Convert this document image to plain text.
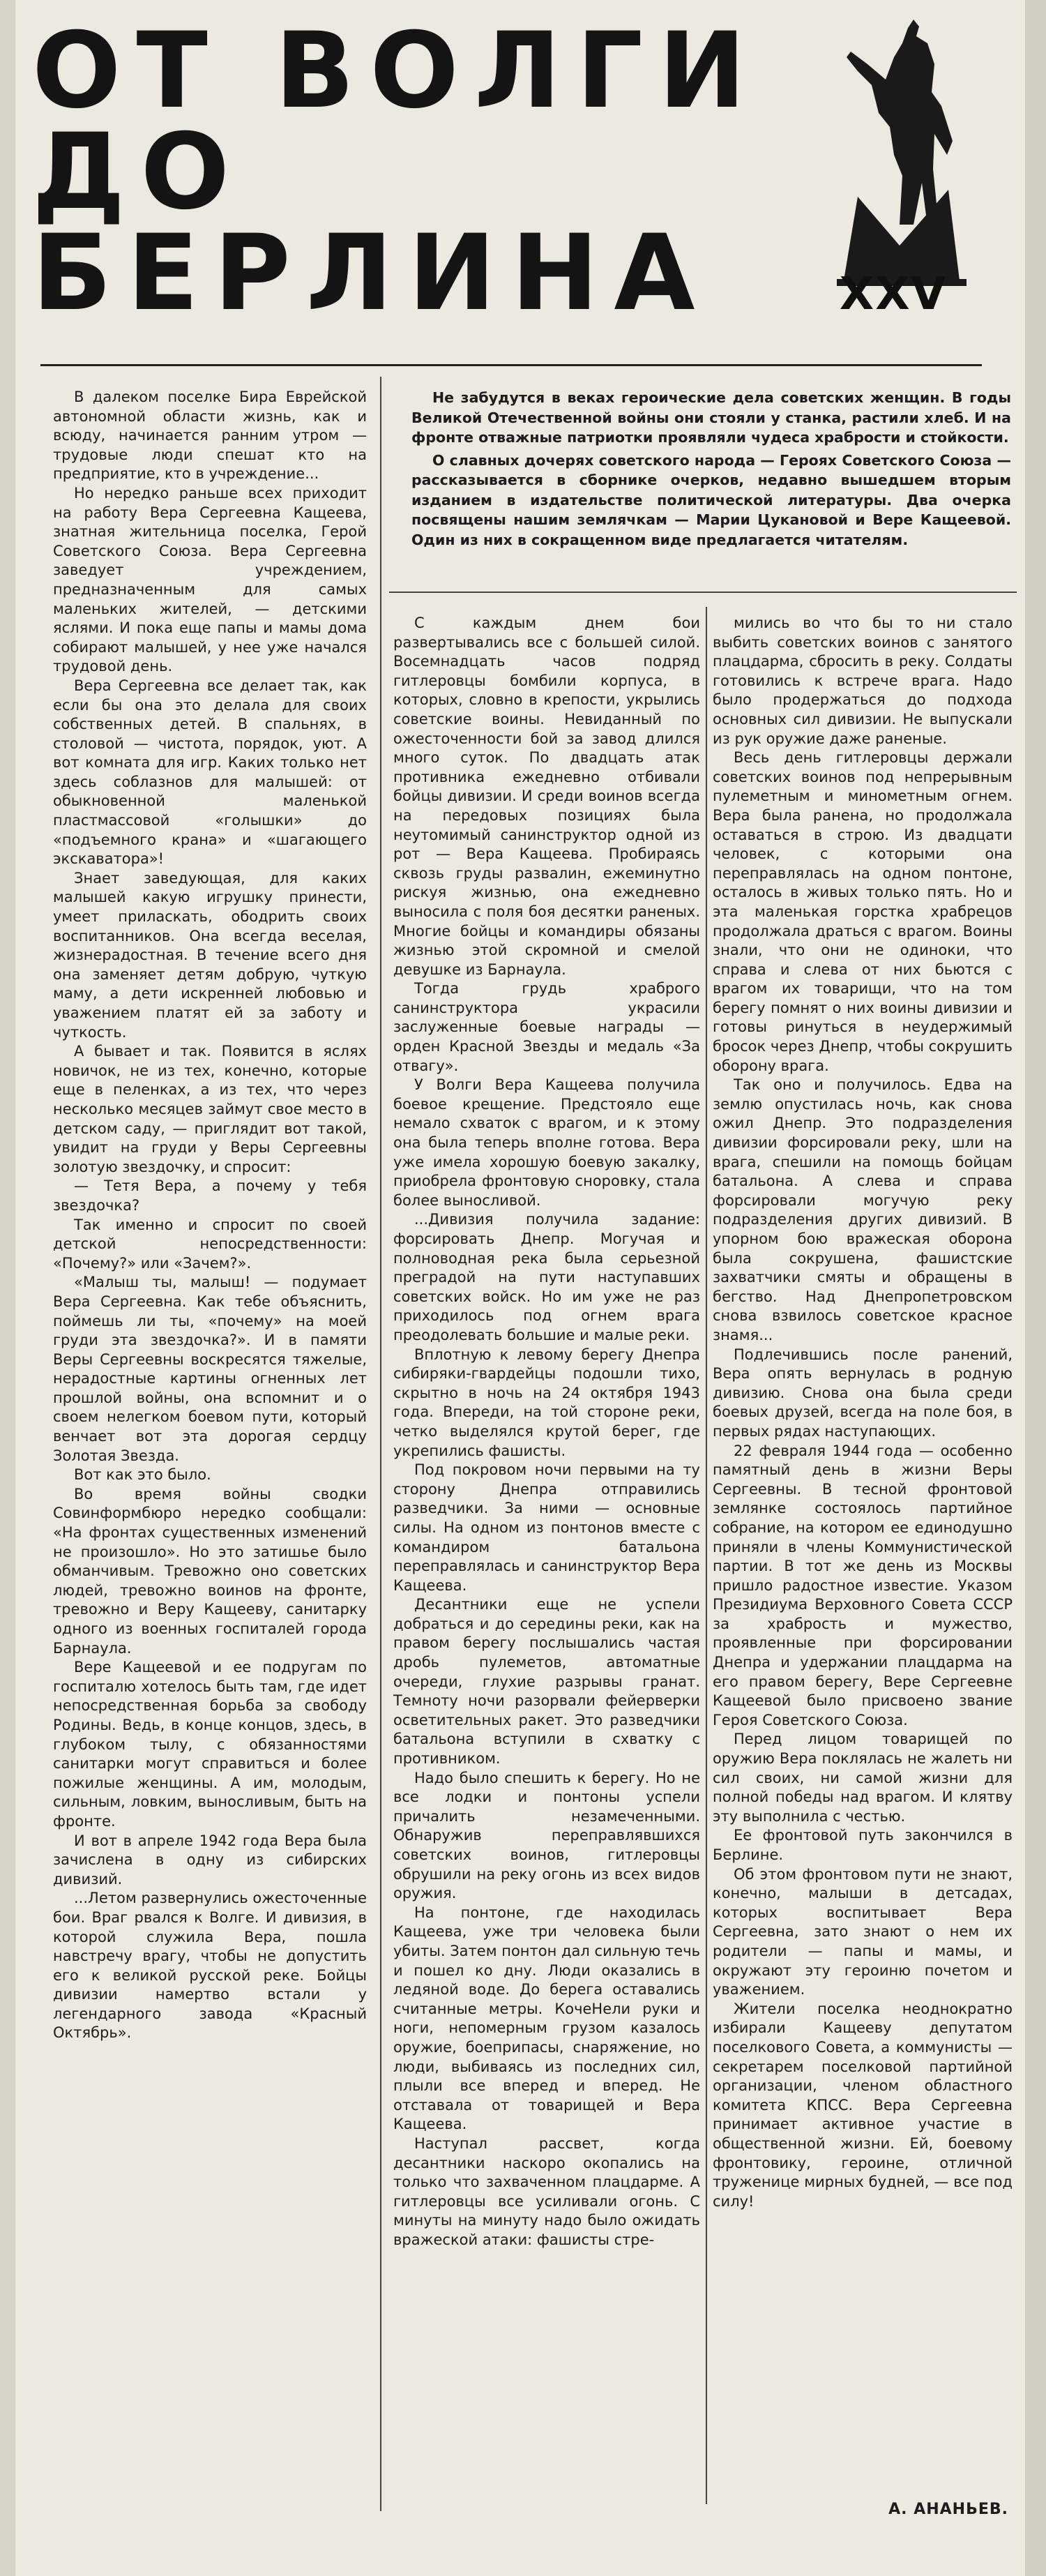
ОТ ВОЛГИ
ДО
БЕРЛИНА	XXV

Не забудутся в веках героические дела советских женщин. В годы Великой Отечественной войны они стояли у станка, растили хлеб. И на фронте отважные патриотки проявляли чудеса храбрости и стойкости.

О славных дочерях советского народа — Героях Советского Союза — рассказывается в сборнике очерков, недавно вышедшем вторым изданием в издательстве политической литературы. Два очерка посвящены нашим землячкам — Марии Цукановой и Вере Кащеевой. Один из них в сокращенном виде предлагается читателям.

В далеком поселке Бира Еврейской автономной области жизнь, как и всюду, начинается ранним утром — трудовые люди спешат кто на предприятие, кто в учреждение...

Но нередко раньше всех приходит на работу Вера Сергеевна Кащеева, знатная жительница поселка, Герой Советского Союза. Вера Сергеевна заведует учреждением, предназначенным для самых маленьких жителей, — детскими яслями. И пока еще папы и мамы дома собирают малышей, у нее уже начался трудовой день.

Вера Сергеевна все делает так, как если бы она это делала для своих собственных детей. В спальнях, в столовой — чистота, порядок, уют. А вот комната для игр. Каких только нет здесь соблазнов для малышей: от обыкновенной маленькой пластмассовой «голышки» до «подъемного крана» и «шагающего экскаватора»!

Знает заведующая, для каких малышей какую игрушку принести, умеет приласкать, ободрить своих воспитанников. Она всегда веселая, жизнерадостная. В течение всего дня она заменяет детям добрую, чуткую маму, а дети искренней любовью и уважением платят ей за заботу и чуткость.

А бывает и так. Появится в яслях новичок, не из тех, конечно, которые еще в пеленках, а из тех, что через несколько месяцев займут свое место в детском саду, — приглядит вот такой, увидит на груди у Веры Сергеевны золотую звездочку, и спросит:

— Тетя Вера, а почему у тебя звездочка?

Так именно и спросит по своей детской непосредственности: «Почему?» или «Зачем?».

«Малыш ты, малыш! — подумает Вера Сергеевна. Как тебе объяснить, поймешь ли ты, «почему» на моей груди эта звездочка?». И в памяти Веры Сергеевны воскресятся тяжелые, нерадостные картины огненных лет прошлой войны, она вспомнит и о своем нелегком боевом пути, который венчает вот эта дорогая сердцу Золотая Звезда.

Вот как это было.

Во время войны сводки Совинформбюро нередко сообщали: «На фронтах существенных изменений не произошло». Но это затишье было обманчивым. Тревожно оно советских людей, тревожно воинов на фронте, тревожно и Веру Кащееву, санитарку одного из военных госпиталей города Барнаула.

Вере Кащеевой и ее подругам по госпиталю хотелось быть там, где идет непосредственная борьба за свободу Родины. Ведь, в конце концов, здесь, в глубоком тылу, с обязанностями санитарки могут справиться и более пожилые женщины. А им, молодым, сильным, ловким, выносливым, быть на фронте.

И вот в апреле 1942 года Вера была зачислена в одну из сибирских дивизий.

...Летом развернулись ожесточенные бои. Враг рвался к Волге. И дивизия, в которой служила Вера, пошла навстречу врагу, чтобы не допустить его к великой русской реке. Бойцы дивизии намертво встали у легендарного завода «Красный Октябрь».

С каждым днем бои развертывались все с большей силой. Восемнадцать часов подряд гитлеровцы бомбили корпуса, в которых, словно в крепости, укрылись советские воины. Невиданный по ожесточенности бой за завод длился много суток. По двадцать атак противника ежедневно отбивали бойцы дивизии. И среди воинов всегда на передовых позициях была неутомимый санинструктор одной из рот — Вера Кащеева. Пробираясь сквозь груды развалин, ежеминутно рискуя жизнью, она ежедневно выносила с поля боя десятки раненых. Многие бойцы и командиры обязаны жизнью этой скромной и смелой девушке из Барнаула.

Тогда грудь храброго санинструктора украсили заслуженные боевые награды — орден Красной Звезды и медаль «За отвагу».

У Волги Вера Кащеева получила боевое крещение. Предстояло еще немало схваток с врагом, и к этому она была теперь вполне готова. Вера уже имела хорошую боевую закалку, приобрела фронтовую сноровку, стала более выносливой.

...Дивизия получила задание: форсировать Днепр. Могучая и полноводная река была серьезной преградой на пути наступавших советских войск. Но им уже не раз приходилось под огнем врага преодолевать большие и малые реки.

Вплотную к левому берегу Днепра сибиряки-гвардейцы подошли тихо, скрытно в ночь на 24 октября 1943 года. Впереди, на той стороне реки, четко выделялся крутой берег, где укрепились фашисты.

Под покровом ночи первыми на ту сторону Днепра отправились разведчики. За ними — основные силы. На одном из понтонов вместе с командиром батальона переправлялась и санинструктор Вера Кащеева.

Десантники еще не успели добраться и до середины реки, как на правом берегу послышались частая дробь пулеметов, автоматные очереди, глухие разрывы гранат. Темноту ночи разорвали фейерверки осветительных ракет. Это разведчики батальона вступили в схватку с противником.

Надо было спешить к берегу. Но не все лодки и понтоны успели причалить незамеченными. Обнаружив переправлявшихся советских воинов, гитлеровцы обрушили на реку огонь из всех видов оружия.

На понтоне, где находилась Кащеева, уже три человека были убиты. Затем понтон дал сильную течь и пошел ко дну. Люди оказались в ледяной воде. До берега оставались считанные метры. КочеНели руки и ноги, непомерным грузом казалось оружие, боеприпасы, снаряжение, но люди, выбиваясь из последних сил, плыли все вперед и вперед. Не отставала от товарищей и Вера Кащеева.

Наступал рассвет, когда десантники наскоро окопались на только что захваченном плацдарме. А гитлеровцы все усиливали огонь. С минуты на минуту надо было ожидать вражеской атаки: фашисты стре-

мились во что бы то ни стало выбить советских воинов с занятого плацдарма, сбросить в реку. Солдаты готовились к встрече врага. Надо было продержаться до подхода основных сил дивизии. Не выпускали из рук оружие даже раненые.

Весь день гитлеровцы держали советских воинов под непрерывным пулеметным и минометным огнем. Вера была ранена, но продолжала оставаться в строю. Из двадцати человек, с которыми она переправлялась на одном понтоне, осталось в живых только пять. Но и эта маленькая горстка храбрецов продолжала драться с врагом. Воины знали, что они не одиноки, что справа и слева от них бьются с врагом их товарищи, что на том берегу помнят о них воины дивизии и готовы ринуться в неудержимый бросок через Днепр, чтобы сокрушить оборону врага.

Так оно и получилось. Едва на землю опустилась ночь, как снова ожил Днепр. Это подразделения дивизии форсировали реку, шли на врага, спешили на помощь бойцам батальона. А слева и справа форсировали могучую реку подразделения других дивизий. В упорном бою вражеская оборона была сокрушена, фашистские захватчики смяты и обращены в бегство. Над Днепропетровском снова взвилось советское красное знамя...

Подлечившись после ранений, Вера опять вернулась в родную дивизию. Снова она была среди боевых друзей, всегда на поле боя, в первых рядах наступающих.

22 февраля 1944 года — особенно памятный день в жизни Веры Сергеевны. В тесной фронтовой землянке состоялось партийное собрание, на котором ее единодушно приняли в члены Коммунистической партии. В тот же день из Москвы пришло радостное известие. Указом Президиума Верховного Совета СССР за храбрость и мужество, проявленные при форсировании Днепра и удержании плацдарма на его правом берегу, Вере Сергеевне Кащеевой было присвоено звание Героя Советского Союза.

Перед лицом товарищей по оружию Вера поклялась не жалеть ни сил своих, ни самой жизни для полной победы над врагом. И клятву эту выполнила с честью.

Ее фронтовой путь закончился в Берлине.

Об этом фронтовом пути не знают, конечно, малыши в детсадах, которых воспитывает Вера Сергеевна, зато знают о нем их родители — папы и мамы, и окружают эту героиню почетом и уважением.

Жители поселка неоднократно избирали Кащееву депутатом поселкового Совета, а коммунисты — секретарем поселковой партийной организации, членом областного комитета КПСС. Вера Сергеевна принимает активное участие в общественной жизни. Ей, боевому фронтовику, героине, отличной труженице мирных будней, — все под силу!

А. АНАНЬЕВ.
